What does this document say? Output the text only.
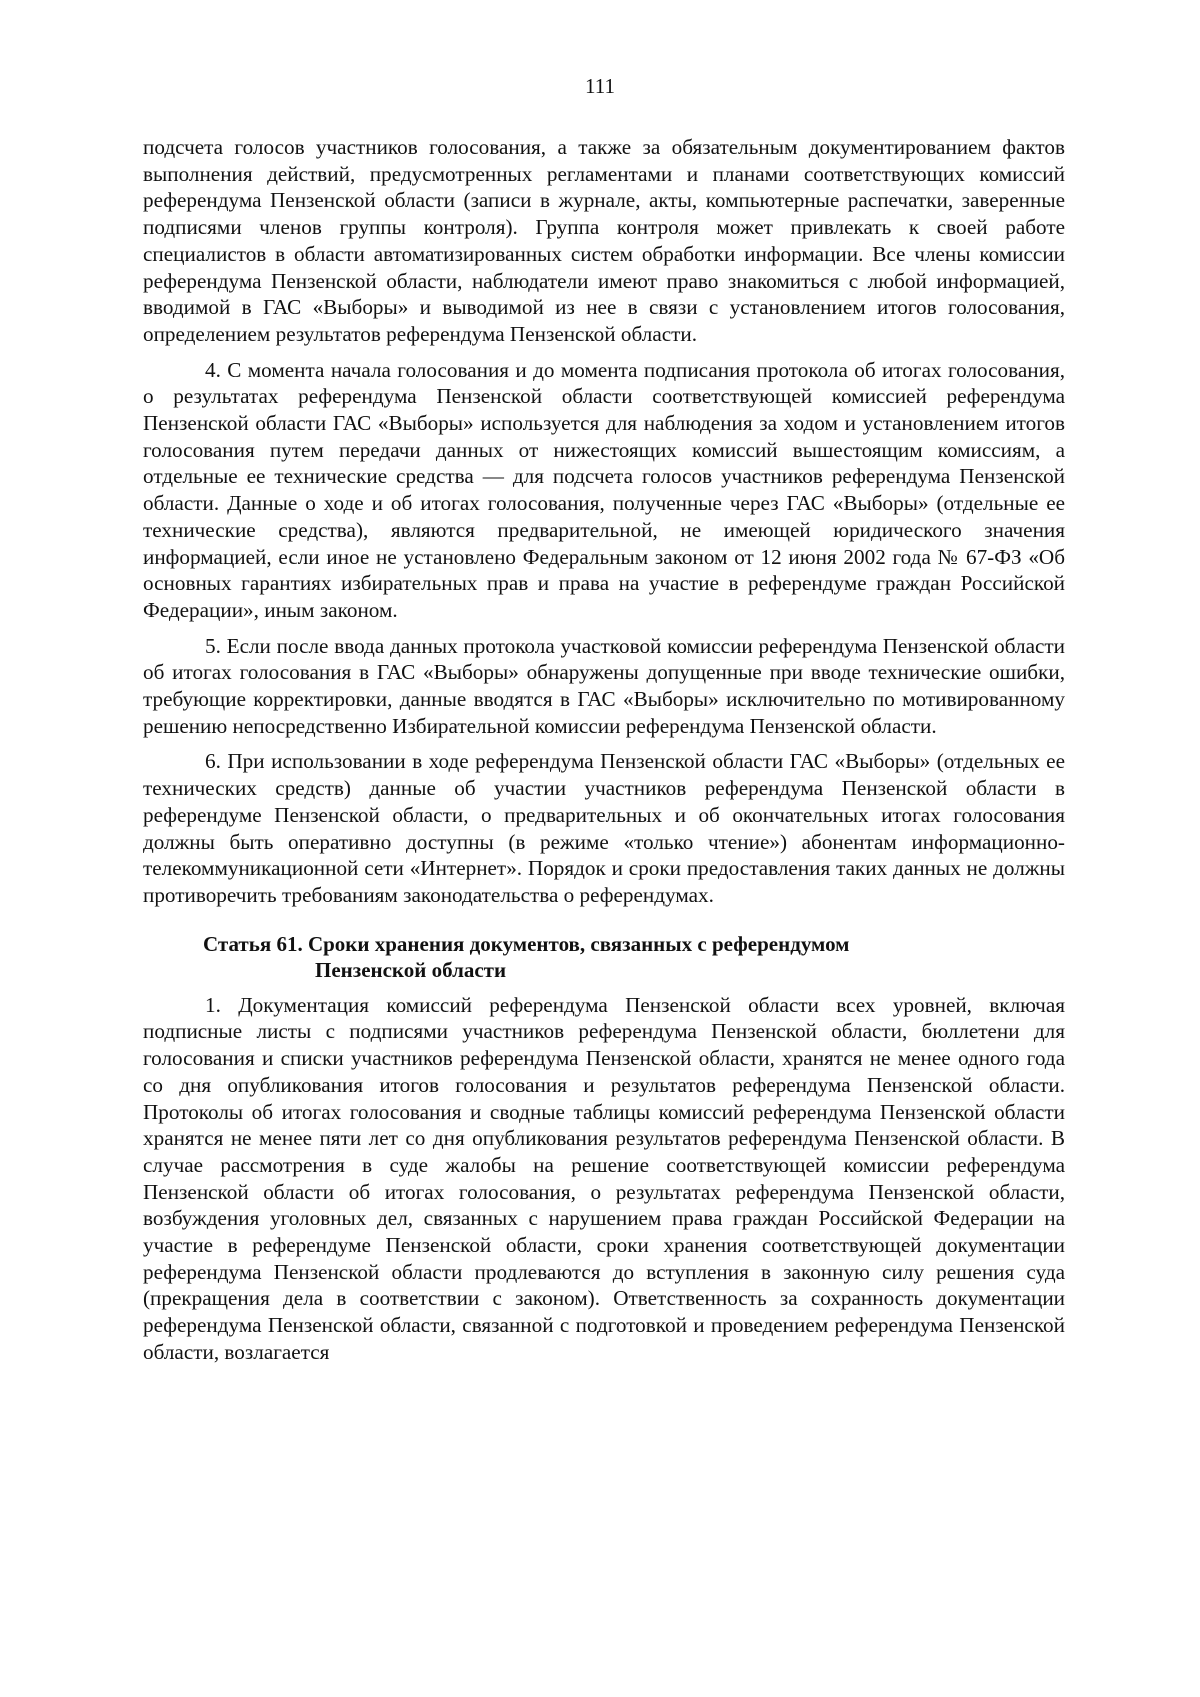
111

подсчета голосов участников голосования, а также за обязательным документированием фактов выполнения действий, предусмотренных регламентами и планами соответствующих комиссий референдума Пензенской области (записи в журнале, акты, компьютерные распечатки, заверенные подписями членов группы контроля). Группа контроля может привлекать к своей работе специалистов в области автоматизированных систем обработки информации. Все члены комиссии референдума Пензенской области, наблюдатели имеют право знакомиться с любой информацией, вводимой в ГАС «Выборы» и выводимой из нее в связи с установлением итогов голосования, определением результатов референдума Пензенской области.

4. С момента начала голосования и до момента подписания протокола об итогах голосования, о результатах референдума Пензенской области соответствующей комиссией референдума Пензенской области ГАС «Выборы» используется для наблюдения за ходом и установлением итогов голосования путем передачи данных от нижестоящих комиссий вышестоящим комиссиям, а отдельные ее технические средства — для подсчета голосов участников референдума Пензенской области. Данные о ходе и об итогах голосования, полученные через ГАС «Выборы» (отдельные ее технические средства), являются предварительной, не имеющей юридического значения информацией, если иное не установлено Федеральным законом от 12 июня 2002 года № 67-ФЗ «Об основных гарантиях избирательных прав и права на участие в референдуме граждан Российской Федерации», иным законом.

5. Если после ввода данных протокола участковой комиссии референдума Пензенской области об итогах голосования в ГАС «Выборы» обнаружены допущенные при вводе технические ошибки, требующие корректировки, данные вводятся в ГАС «Выборы» исключительно по мотивированному решению непосредственно Избирательной комиссии референдума Пензенской области.

6. При использовании в ходе референдума Пензенской области ГАС «Выборы» (отдельных ее технических средств) данные об участии участников референдума Пензенской области в референдуме Пензенской области, о предварительных и об окончательных итогах голосования должны быть оперативно доступны (в режиме «только чтение») абонентам информационно-телекоммуникационной сети «Интернет». Порядок и сроки предоставления таких данных не должны противоречить требованиям законодательства о референдумах.

Статья 61. Сроки хранения документов, связанных с референдумом
Пензенской области

1. Документация комиссий референдума Пензенской области всех уровней, включая подписные листы с подписями участников референдума Пензенской области, бюллетени для голосования и списки участников референдума Пензенской области, хранятся не менее одного года со дня опубликования итогов голосования и результатов референдума Пензенской области. Протоколы об итогах голосования и сводные таблицы комиссий референдума Пензенской области хранятся не менее пяти лет со дня опубликования результатов референдума Пензенской области. В случае рассмотрения в суде жалобы на решение соответствующей комиссии референдума Пензенской области об итогах голосования, о результатах референдума Пензенской области, возбуждения уголовных дел, связанных с нарушением права граждан Российской Федерации на участие в референдуме Пензенской области, сроки хранения соответствующей документации референдума Пензенской области продлеваются до вступления в законную силу решения суда (прекращения дела в соответствии с законом). Ответственность за сохранность документации референдума Пензенской области, связанной с подготовкой и проведением референдума Пензенской области, возлагается
